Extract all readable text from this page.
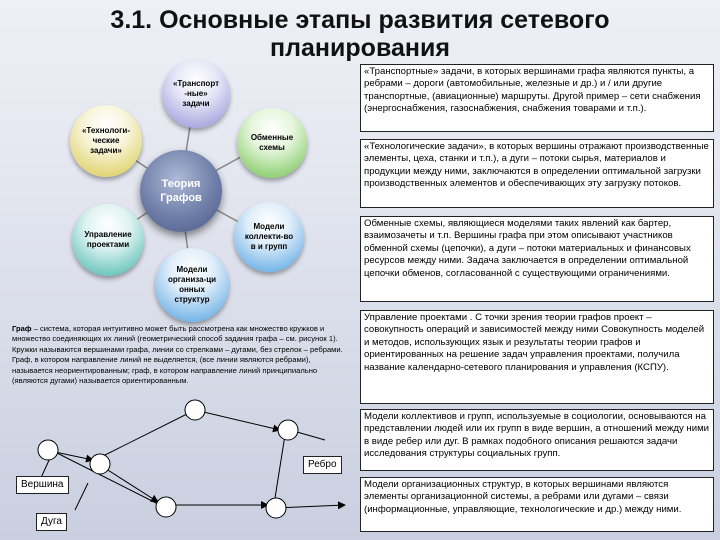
3.1. Основные этапы развития сетевого
планирования
«Транспорт
-ные»
задачи
Обменные
схемы
Модели
коллекти-во
в и групп
Модели
организа-ци
онных
структур
Управление
проектами
«Технологи-
ческие
задачи»
Теория
Графов
«Транспортные» задачи, в которых вершинами графа являются пункты, а ребрами – дороги (автомобильные, железные и др.) и / или другие транспортные, (авиационные) маршруты. Другой пример – сети снабжения (энергоснабжения, газоснабжения, снабжения товарами и т.п.).
«Технологические задачи», в которых вершины отражают производственные элементы, цеха, станки и т.п.), а дуги – потоки сырья, материалов и продукции между ними, заключаются в определении оптимальной загрузки производственных элементов и обеспечивающих эту загрузку потоков.
Обменные схемы, являющиеся моделями таких явлений как бартер, взаимозачеты и т.п. Вершины графа при этом описывают участников обменной схемы (цепочки), а дуги – потоки материальных и финансовых ресурсов между ними. Задача заключается в определении оптимальной цепочки обменов, согласованной с существующими ограничениями.
Управление проектами . С точки зрения теории графов проект – совокупность операций и зависимостей между ними Совокупность моделей и методов, использующих язык и результаты теории графов и ориентированных на решение задач управления проектами, получила название календарно-сетевого планирования и управления (КСПУ).
Модели коллективов и групп, используемые в социологии, основываются на представлении людей или их групп в виде вершин, а отношений между ними в виде ребер или дуг. В рамках подобного описания решаются задачи исследования структуры социальных групп.
Модели организационных структур, в которых вершинами являются элементы организационной системы, а ребрами или дугами – связи (информационные, управляющие, технологические и др.) между ними.
Граф – система, которая интуитивно может быть рассмотрена как множество кружков и множество соединяющих их линий (геометрический способ задания графа – см. рисунок 1). Кружки называются вершинами графа, линии со стрелками – дугами, без стрелок – ребрами. Граф, в котором направление линий не выделяется, (все линии являются ребрами), называется неориентированным; граф, в котором направление линий принципиально (являются дугами) называется ориентированным.
Вершина
Дуга
Ребро
